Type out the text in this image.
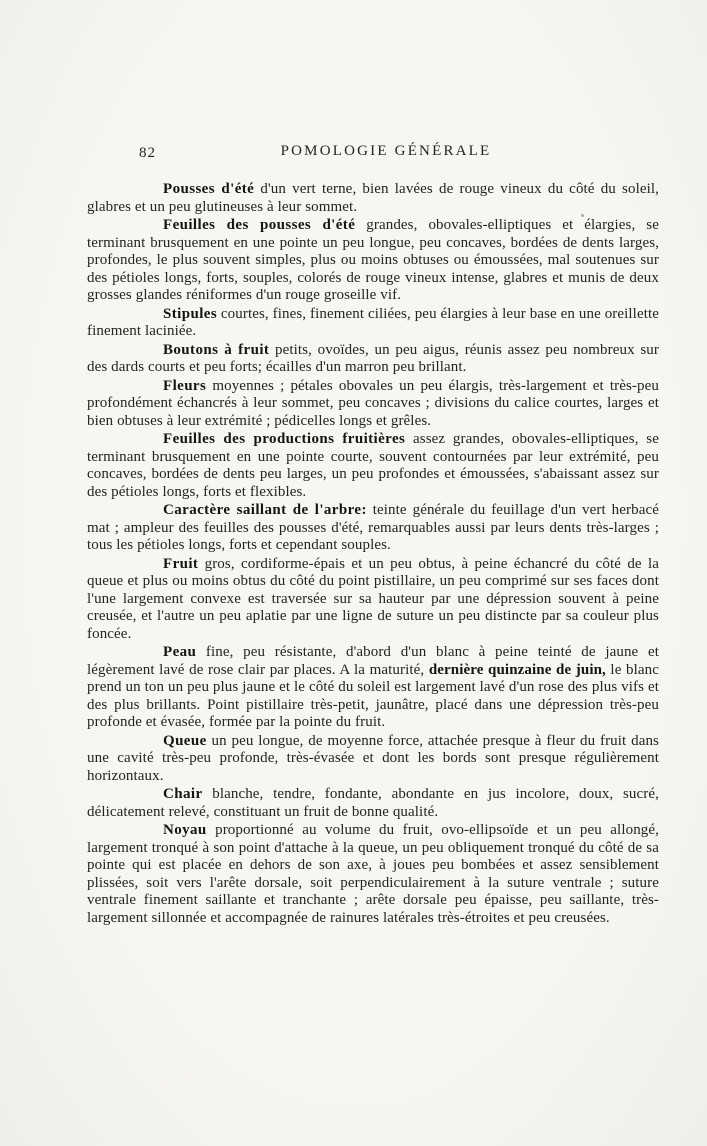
82	POMOLOGIE GÉNÉRALE

Pousses d'été d'un vert terne, bien lavées de rouge vineux du côté du soleil, glabres et un peu glutineuses à leur sommet.

Feuilles des pousses d'été grandes, obovales-elliptiques et élargies, se terminant brusquement en une pointe un peu longue, peu concaves, bordées de dents larges, profondes, le plus souvent simples, plus ou moins obtuses ou émoussées, mal soutenues sur des pétioles longs, forts, souples, colorés de rouge vineux intense, glabres et munis de deux grosses glandes réniformes d'un rouge groseille vif.

Stipules courtes, fines, finement ciliées, peu élargies à leur base en une oreillette finement laciniée.

Boutons à fruit petits, ovoïdes, un peu aigus, réunis assez peu nombreux sur des dards courts et peu forts; écailles d'un marron peu brillant.

Fleurs moyennes ; pétales obovales un peu élargis, très-largement et très-peu profondément échancrés à leur sommet, peu concaves ; divisions du calice courtes, larges et bien obtuses à leur extrémité ; pédicelles longs et grêles.

Feuilles des productions fruitières assez grandes, obovales-elliptiques, se terminant brusquement en une pointe courte, souvent contournées par leur extrémité, peu concaves, bordées de dents peu larges, un peu profondes et émoussées, s'abaissant assez sur des pétioles longs, forts et flexibles.

Caractère saillant de l'arbre: teinte générale du feuillage d'un vert herbacé mat ; ampleur des feuilles des pousses d'été, remarquables aussi par leurs dents très-larges ; tous les pétioles longs, forts et cependant souples.

Fruit gros, cordiforme-épais et un peu obtus, à peine échancré du côté de la queue et plus ou moins obtus du côté du point pistillaire, un peu comprimé sur ses faces dont l'une largement convexe est traversée sur sa hauteur par une dépression souvent à peine creusée, et l'autre un peu aplatie par une ligne de suture un peu distincte par sa couleur plus foncée.

Peau fine, peu résistante, d'abord d'un blanc à peine teinté de jaune et légèrement lavé de rose clair par places. A la maturité, dernière quinzaine de juin, le blanc prend un ton un peu plus jaune et le côté du soleil est largement lavé d'un rose des plus vifs et des plus brillants. Point pistillaire très-petit, jaunâtre, placé dans une dépression très-peu profonde et évasée, formée par la pointe du fruit.

Queue un peu longue, de moyenne force, attachée presque à fleur du fruit dans une cavité très-peu profonde, très-évasée et dont les bords sont presque régulièrement horizontaux.

Chair blanche, tendre, fondante, abondante en jus incolore, doux, sucré, délicatement relevé, constituant un fruit de bonne qualité.

Noyau proportionné au volume du fruit, ovo-ellipsoïde et un peu allongé, largement tronqué à son point d'attache à la queue, un peu obliquement tronqué du côté de sa pointe qui est placée en dehors de son axe, à joues peu bombées et assez sensiblement plissées, soit vers l'arête dorsale, soit perpendiculairement à la suture ventrale ; suture ventrale finement saillante et tranchante ; arête dorsale peu épaisse, peu saillante, très-largement sillonnée et accompagnée de rainures latérales très-étroites et peu creusées.
